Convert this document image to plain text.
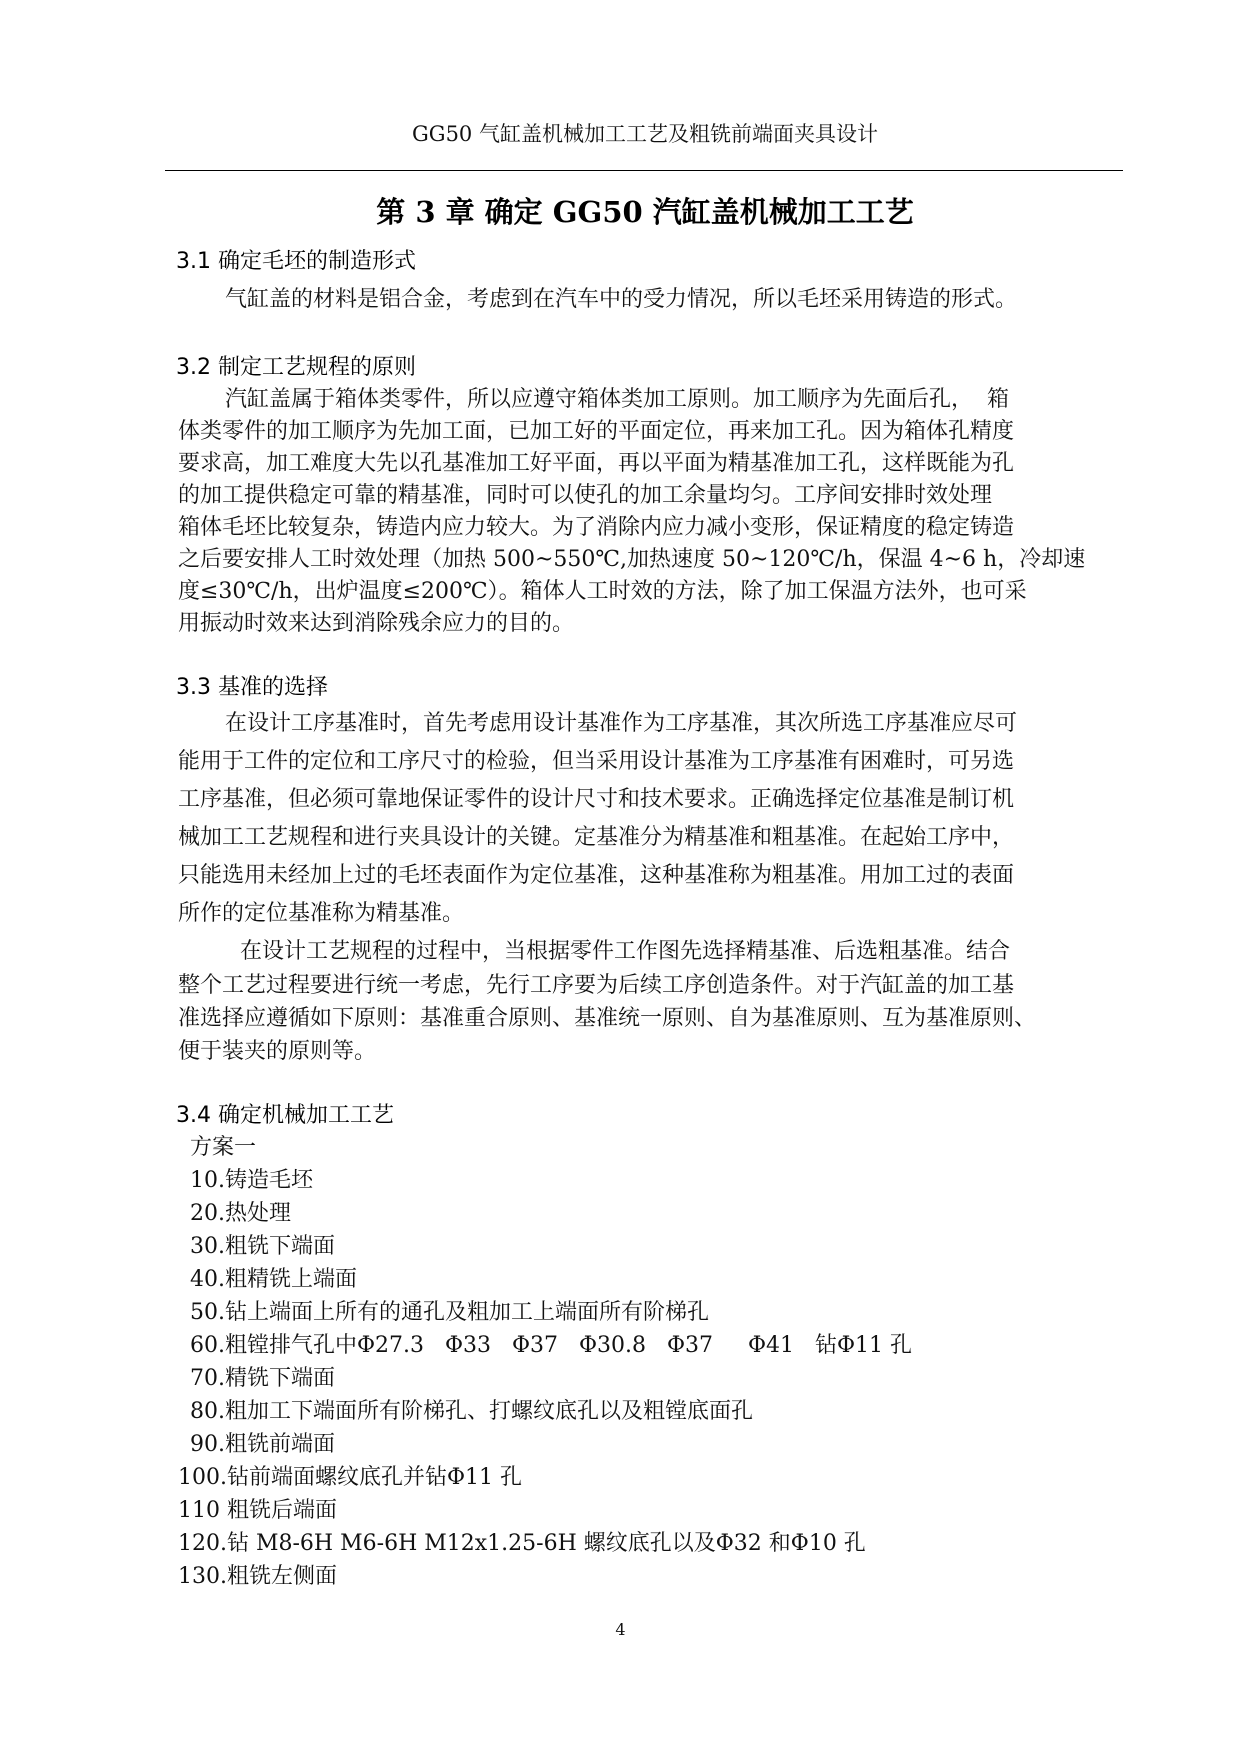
GG50 气缸盖机械加工工艺及粗铣前端面夹具设计
第 3 章 确定 GG50 汽缸盖机械加工工艺
3.1 确定毛坯的制造形式
气缸盖的材料是铝合金，考虑到在汽车中的受力情况，所以毛坯采用铸造的形式。
3.2 制定工艺规程的原则
汽缸盖属于箱体类零件，所以应遵守箱体类加工原则。加工顺序为先面后孔，  箱
体类零件的加工顺序为先加工面，已加工好的平面定位，再来加工孔。因为箱体孔精度
要求高，加工难度大先以孔基准加工好平面，再以平面为精基准加工孔，这样既能为孔
的加工提供稳定可靠的精基准，同时可以使孔的加工余量均匀。工序间安排时效处理
箱体毛坯比较复杂，铸造内应力较大。为了消除内应力减小变形，保证精度的稳定铸造
之后要安排人工时效处理（加热 500~550℃,加热速度 50~120℃/h，保温 4~6 h，冷却速
度≤30℃/h，出炉温度≤200℃）。箱体人工时效的方法，除了加工保温方法外，也可采
用振动时效来达到消除残余应力的目的。
3.3 基准的选择
在设计工序基准时，首先考虑用设计基准作为工序基准，其次所选工序基准应尽可
能用于工件的定位和工序尺寸的检验，但当采用设计基准为工序基准有困难时，可另选
工序基准，但必须可靠地保证零件的设计尺寸和技术要求。正确选择定位基准是制订机
械加工工艺规程和进行夹具设计的关键。定基准分为精基准和粗基准。在起始工序中，
只能选用未经加上过的毛坯表面作为定位基准，这种基准称为粗基准。用加工过的表面
所作的定位基准称为精基准。
在设计工艺规程的过程中，当根据零件工作图先选择精基准、后选粗基准。结合
整个工艺过程要进行统一考虑，先行工序要为后续工序创造条件。对于汽缸盖的加工基
准选择应遵循如下原则：基准重合原则、基准统一原则、自为基准原则、互为基准原则、
便于装夹的原则等。
3.4 确定机械加工工艺
方案一
10.铸造毛坯
20.热处理
30.粗铣下端面
40.粗精铣上端面
50.钻上端面上所有的通孔及粗加工上端面所有阶梯孔
60.粗镗排气孔中Φ27.3   Φ33   Φ37   Φ30.8   Φ37     Φ41   钻Φ11 孔
70.精铣下端面
80.粗加工下端面所有阶梯孔、打螺纹底孔以及粗镗底面孔
90.粗铣前端面
100.钻前端面螺纹底孔并钻Φ11 孔
110 粗铣后端面
120.钻 M8-6H M6-6H M12x1.25-6H 螺纹底孔以及Φ32 和Φ10 孔
130.粗铣左侧面
4
